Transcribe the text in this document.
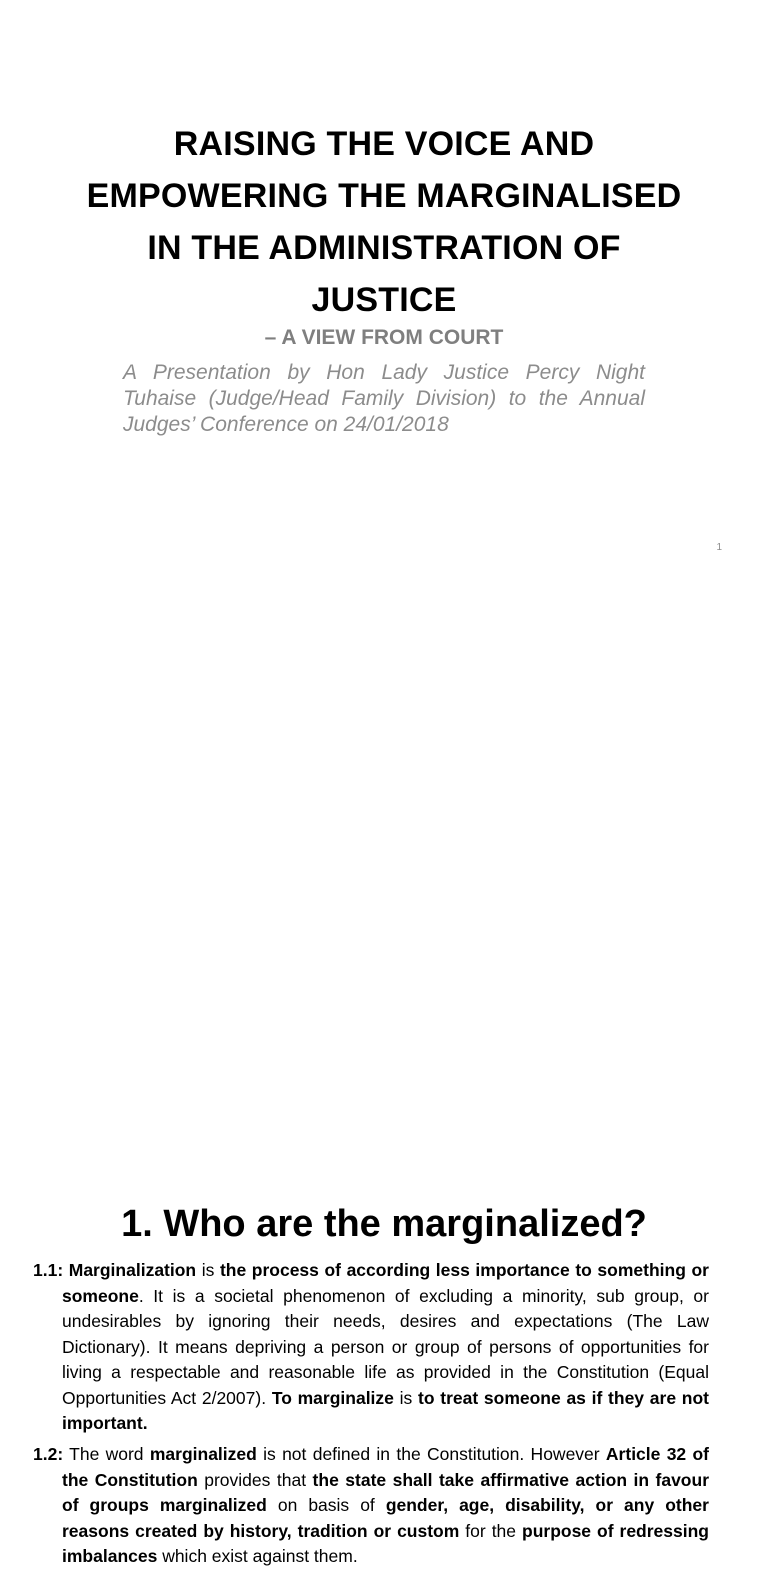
RAISING THE VOICE AND
EMPOWERING THE MARGINALISED
IN THE ADMINISTRATION OF
JUSTICE
– A VIEW FROM COURT
A Presentation by Hon Lady Justice Percy Night Tuhaise (Judge/Head Family Division) to the Annual Judges’ Conference on 24/01/2018
1
1. Who are the marginalized?
1.1: Marginalization is the process of according less importance to something or someone. It is a societal phenomenon of excluding a minority, sub group, or undesirables by ignoring their needs, desires and expectations (The Law Dictionary). It means depriving a person or group of persons of opportunities for living a respectable and reasonable life as provided in the Constitution (Equal Opportunities Act 2/2007). To marginalize is to treat someone as if they are not important.
1.2: The word marginalized is not defined in the Constitution. However Article 32 of the Constitution provides that the state shall take affirmative action in favour of groups marginalized on basis of gender, age, disability, or any other reasons created by history, tradition or custom for the purpose of redressing imbalances which exist against them.
